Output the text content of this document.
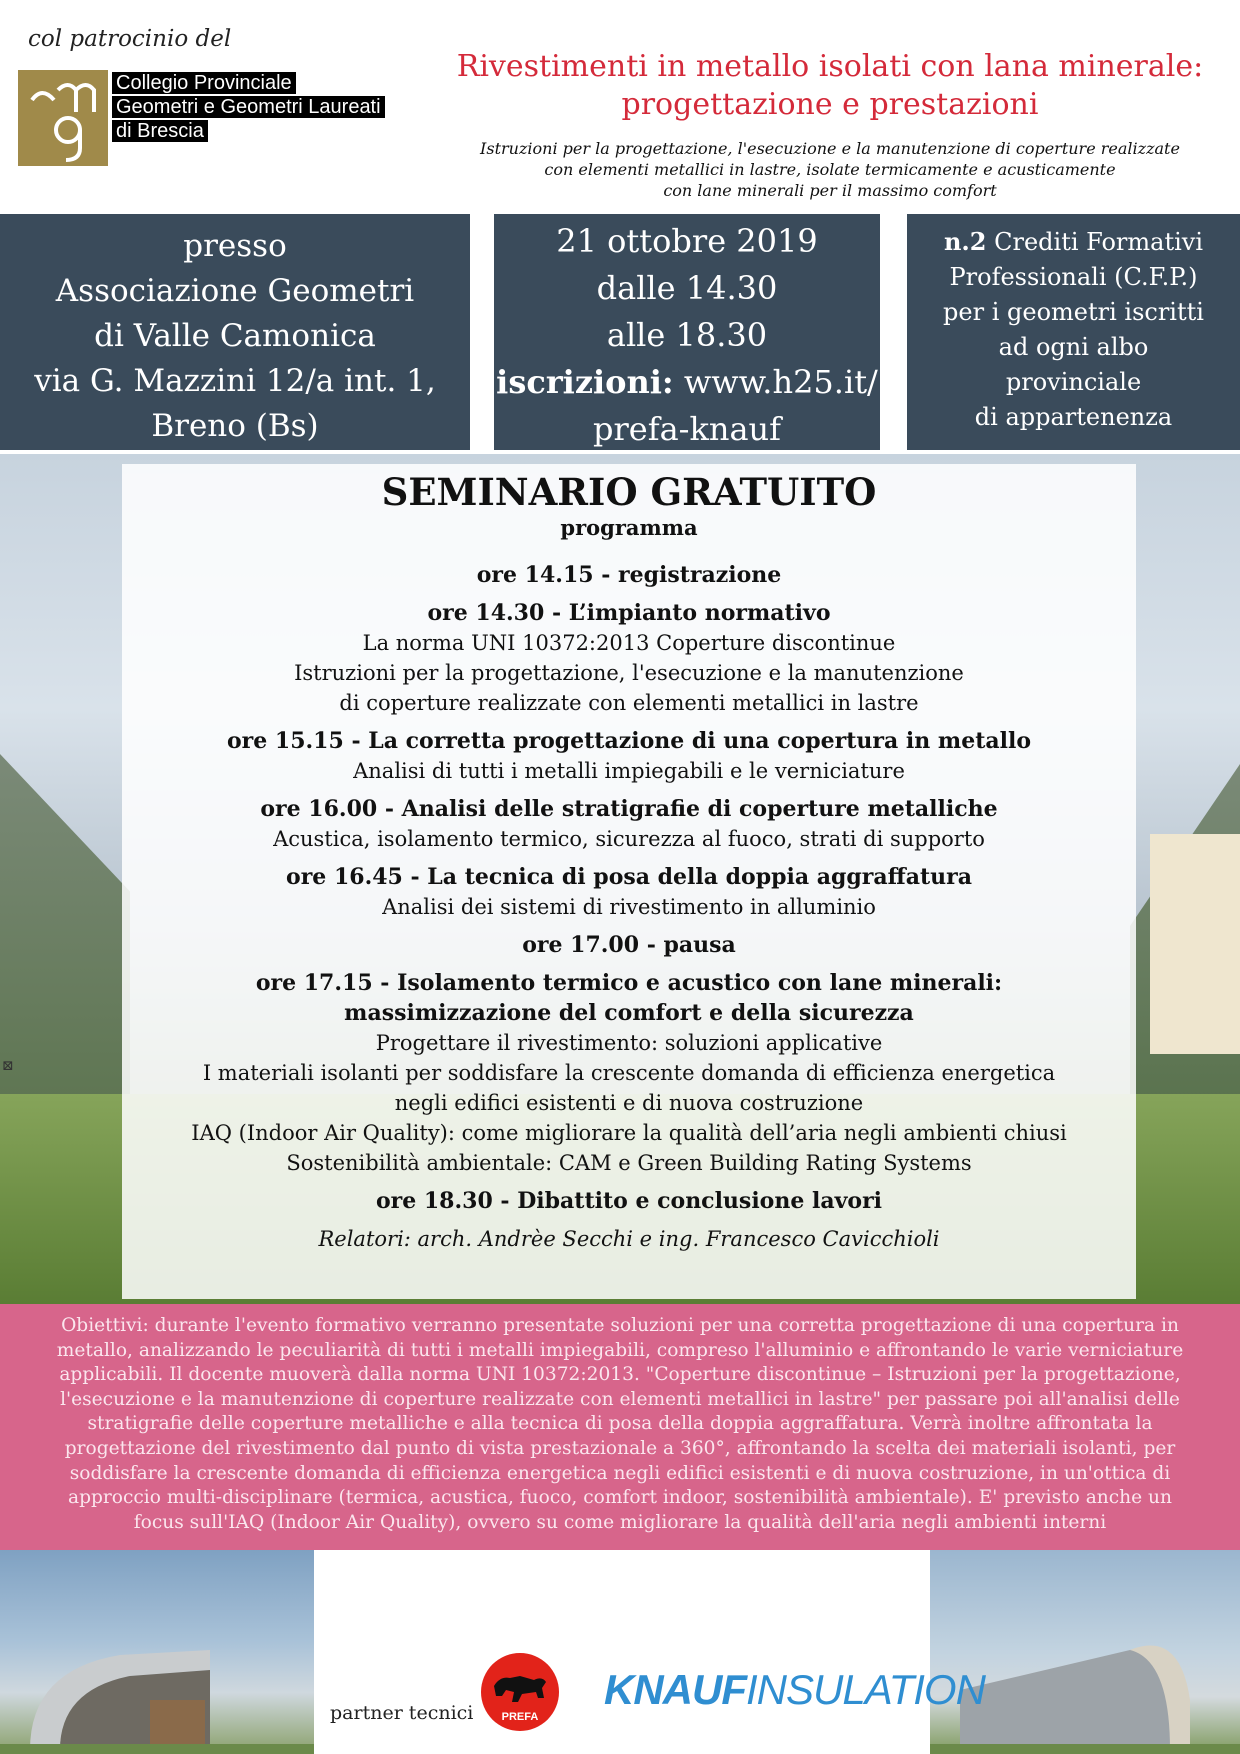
col patrocinio del
Collegio Provinciale
Geometri e Geometri Laureati
di Brescia
Rivestimenti in metallo isolati con lana minerale:
progettazione e prestazioni
Istruzioni per la progettazione, l'esecuzione e la manutenzione di coperture realizzate
con elementi metallici in lastre, isolate termicamente e acusticamente
con lane minerali per il massimo comfort
presso
Associazione Geometri
di Valle Camonica
via G. Mazzini 12/a int. 1,
Breno (Bs)
21 ottobre 2019
dalle 14.30
alle 18.30
iscrizioni: www.h25.it/
prefa-knauf
n.2 Crediti Formativi
Professionali (C.F.P.)
per i geometri iscritti
ad ogni albo
provinciale
di appartenenza
⊠
SEMINARIO GRATUITO
programma
ore 14.15 - registrazione
ore 14.30 - L’impianto normativo
La norma UNI 10372:2013 Coperture discontinue
Istruzioni per la progettazione, l'esecuzione e la manutenzione
di coperture realizzate con elementi metallici in lastre
ore 15.15 - La corretta progettazione di una copertura in metallo
Analisi di tutti i metalli impiegabili e le verniciature
ore 16.00 - Analisi delle stratigrafie di coperture metalliche
Acustica, isolamento termico, sicurezza al fuoco, strati di supporto
ore 16.45 - La tecnica di posa della doppia aggraffatura
Analisi dei sistemi di rivestimento in alluminio
ore 17.00 - pausa
ore 17.15 - Isolamento termico e acustico con lane minerali:
massimizzazione del comfort e della sicurezza
Progettare il rivestimento: soluzioni applicative
I materiali isolanti per soddisfare la crescente domanda di efficienza energetica
negli edifici esistenti e di nuova costruzione
IAQ (Indoor Air Quality): come migliorare la qualità dell’aria negli ambienti chiusi
Sostenibilità ambientale: CAM e Green Building Rating Systems
ore 18.30 - Dibattito e conclusione lavori
Relatori: arch. Andrèe Secchi e ing. Francesco Cavicchioli
Obiettivi: durante l'evento formativo verranno presentate soluzioni per una corretta progettazione di una copertura in
metallo, analizzando le peculiarità di tutti i metalli impiegabili, compreso l'alluminio e affrontando le varie verniciature
applicabili. Il docente muoverà dalla norma UNI 10372:2013. "Coperture discontinue – Istruzioni per la progettazione,
l'esecuzione e la manutenzione di coperture realizzate con elementi metallici in lastre" per passare poi all'analisi delle
stratigrafie delle coperture metalliche e alla tecnica di posa della doppia aggraffatura. Verrà inoltre affrontata la
progettazione del rivestimento dal punto di vista prestazionale a 360°, affrontando la scelta dei materiali isolanti, per
soddisfare la crescente domanda di efficienza energetica negli edifici esistenti e di nuova costruzione, in un'ottica di
approccio multi-disciplinare (termica, acustica, fuoco, comfort indoor, sostenibilità ambientale). E' previsto anche un
focus sull'IAQ (Indoor Air Quality), ovvero su come migliorare la qualità dell'aria negli ambienti interni
partner tecnici	PREFA
KNAUFINSULATION
